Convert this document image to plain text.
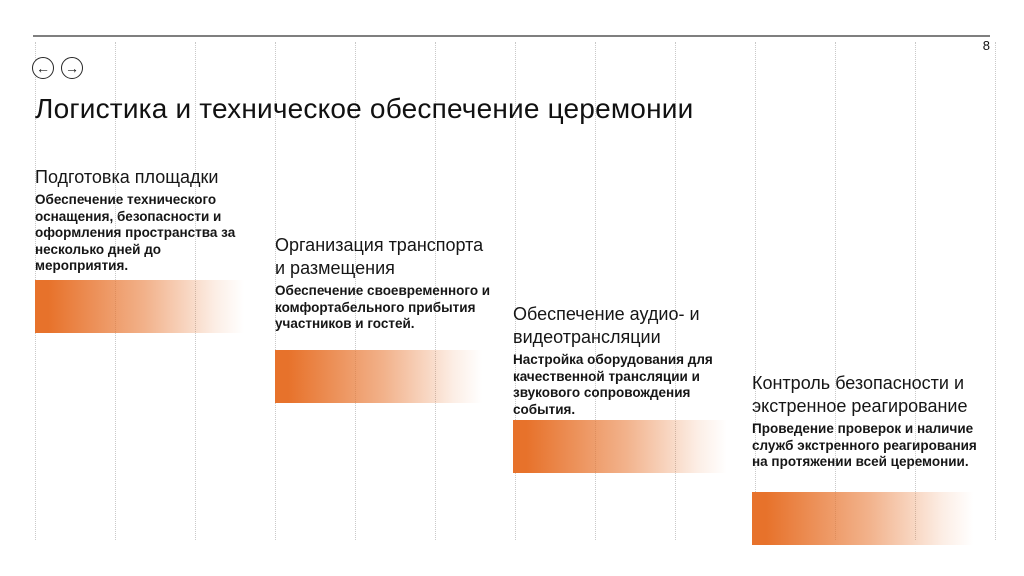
8
← →
Логистика и техническое обеспечение церемонии
Подготовка площадки
Обеспечение технического оснащения, безопасности и оформления пространства за несколько дней до мероприятия.
Организация транспорта и размещения
Обеспечение своевременного и комфортабельного прибытия участников и гостей.	Обеспечение аудио- и видеотрансляции
Настройка оборудования для качественной трансляции и звукового сопровождения события.
Контроль безопасности и экстренное реагирование
Проведение проверок и наличие служб экстренного реагирования на протяжении всей церемонии.
